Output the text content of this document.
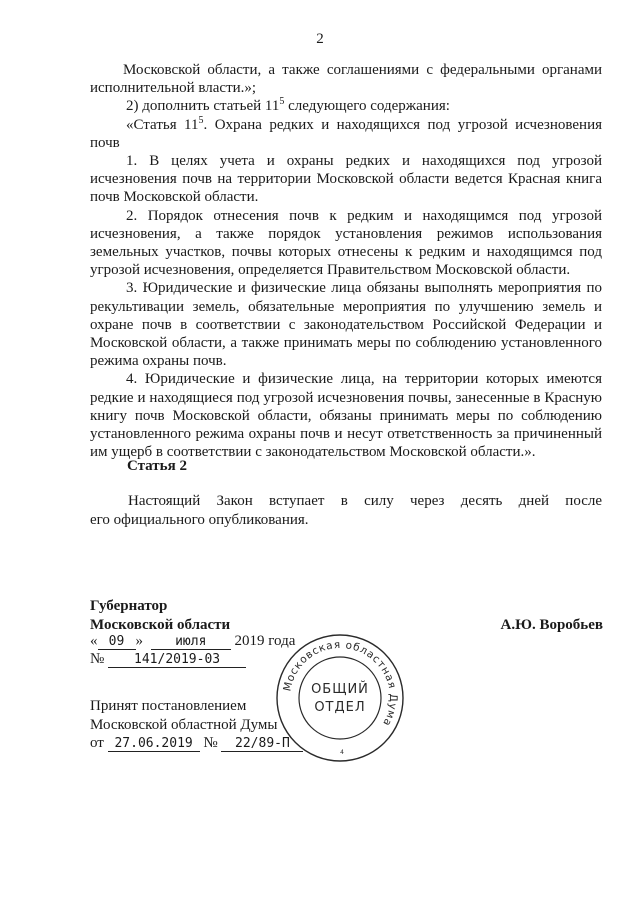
2

Московской области, а также соглашениями с федеральными органами исполнительной власти.»;

2) дополнить статьей $11^5$ следующего содержания:

«Статья $11^5$. Охрана редких и находящихся под угрозой исчезновения почв

1. В целях учета и охраны редких и находящихся под угрозой исчезновения почв на территории Московской области ведется Красная книга почв Московской области.

2. Порядок отнесения почв к редким и находящимся под угрозой исчезновения, а также порядок установления режимов использования земельных участков, почвы которых отнесены к редким и находящимся под угрозой исчезновения, определяется Правительством Московской области.

3. Юридические и физические лица обязаны выполнять мероприятия по рекультивации земель, обязательные мероприятия по улучшению земель и охране почв в соответствии с законодательством Российской Федерации и Московской области, а также принимать меры по соблюдению установленного режима охраны почв.

4. Юридические и физические лица, на территории которых имеются редкие и находящиеся под угрозой исчезновения почвы, занесенные в Красную книгу почв Московской области, обязаны принимать меры по соблюдению установленного режима охраны почв и несут ответственность за причиненный им ущерб в соответствии с законодательством Московской области.».

Статья 2

Настоящий Закон вступает в силу через десять дней после

его официального опубликования.

Губернатор
Московской области	А.Ю. Воробьев
« 09 » июля 2019 года
№ 141/2019-03
Принят постановлением
Московской областной Думы
от 27.06.2019 № 22/89-П
Московская областная Дума
ОБЩИЙ
ОТДЕЛ
4
